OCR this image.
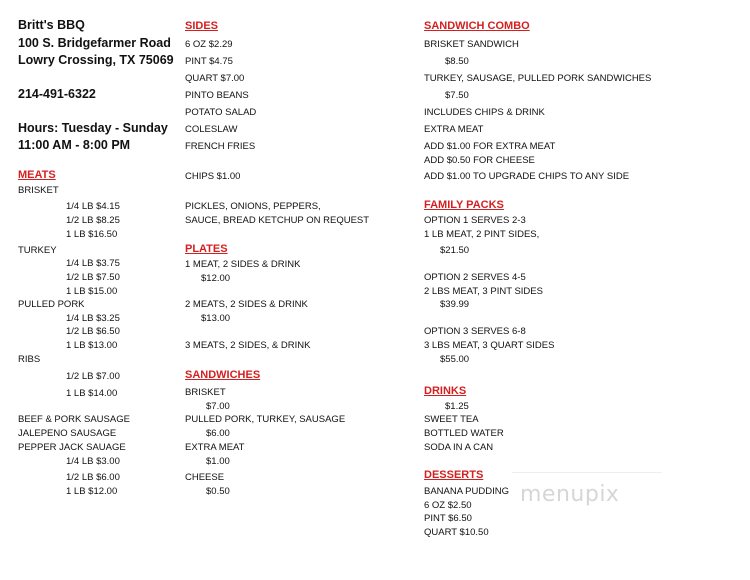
Britt's BBQ
100 S. Bridgefarmer Road
Lowry Crossing, TX 75069
214-491-6322
Hours: Tuesday - Sunday
11:00 AM - 8:00 PM
MEATS
BRISKET
1/4 LB $4.15
1/2 LB $8.25
1 LB $16.50
TURKEY
1/4 LB $3.75
1/2 LB $7.50
1 LB $15.00
PULLED PORK
1/4 LB $3.25
1/2 LB $6.50
1 LB $13.00
RIBS
1/2 LB $7.00
1 LB $14.00
BEEF & PORK SAUSAGE
JALEPENO SAUSAGE
PEPPER JACK SAUAGE
1/4 LB $3.00
1/2 LB $6.00
1 LB $12.00
SIDES
6 OZ $2.29
PINT $4.75
QUART $7.00
PINTO BEANS
POTATO SALAD
COLESLAW
FRENCH FRIES
CHIPS $1.00
PICKLES, ONIONS, PEPPERS,
SAUCE, BREAD KETCHUP ON REQUEST
PLATES
1 MEAT, 2 SIDES & DRINK
$12.00
2 MEATS, 2 SIDES & DRINK
$13.00
3 MEATS, 2 SIDES, & DRINK
SANDWICHES
BRISKET
$7.00
PULLED PORK, TURKEY, SAUSAGE
$6.00
EXTRA MEAT
$1.00
CHEESE
$0.50
SANDWICH COMBO
BRISKET SANDWICH
$8.50
TURKEY, SAUSAGE, PULLED PORK SANDWICHES
$7.50
INCLUDES CHIPS & DRINK
EXTRA MEAT
ADD $1.00 FOR EXTRA MEAT
ADD $0.50 FOR CHEESE
ADD $1.00 TO UPGRADE CHIPS TO ANY SIDE
FAMILY PACKS
OPTION 1 SERVES 2-3
1 LB MEAT, 2 PINT SIDES,
$21.50
OPTION 2 SERVES 4-5
2 LBS MEAT, 3 PINT SIDES
$39.99
OPTION 3 SERVES 6-8
3 LBS MEAT, 3 QUART SIDES
$55.00
DRINKS
$1.25
SWEET TEA
BOTTLED WATER
SODA IN A CAN
DESSERTS
BANANA PUDDING
6 OZ $2.50
PINT $6.50
QUART $10.50
menupix
